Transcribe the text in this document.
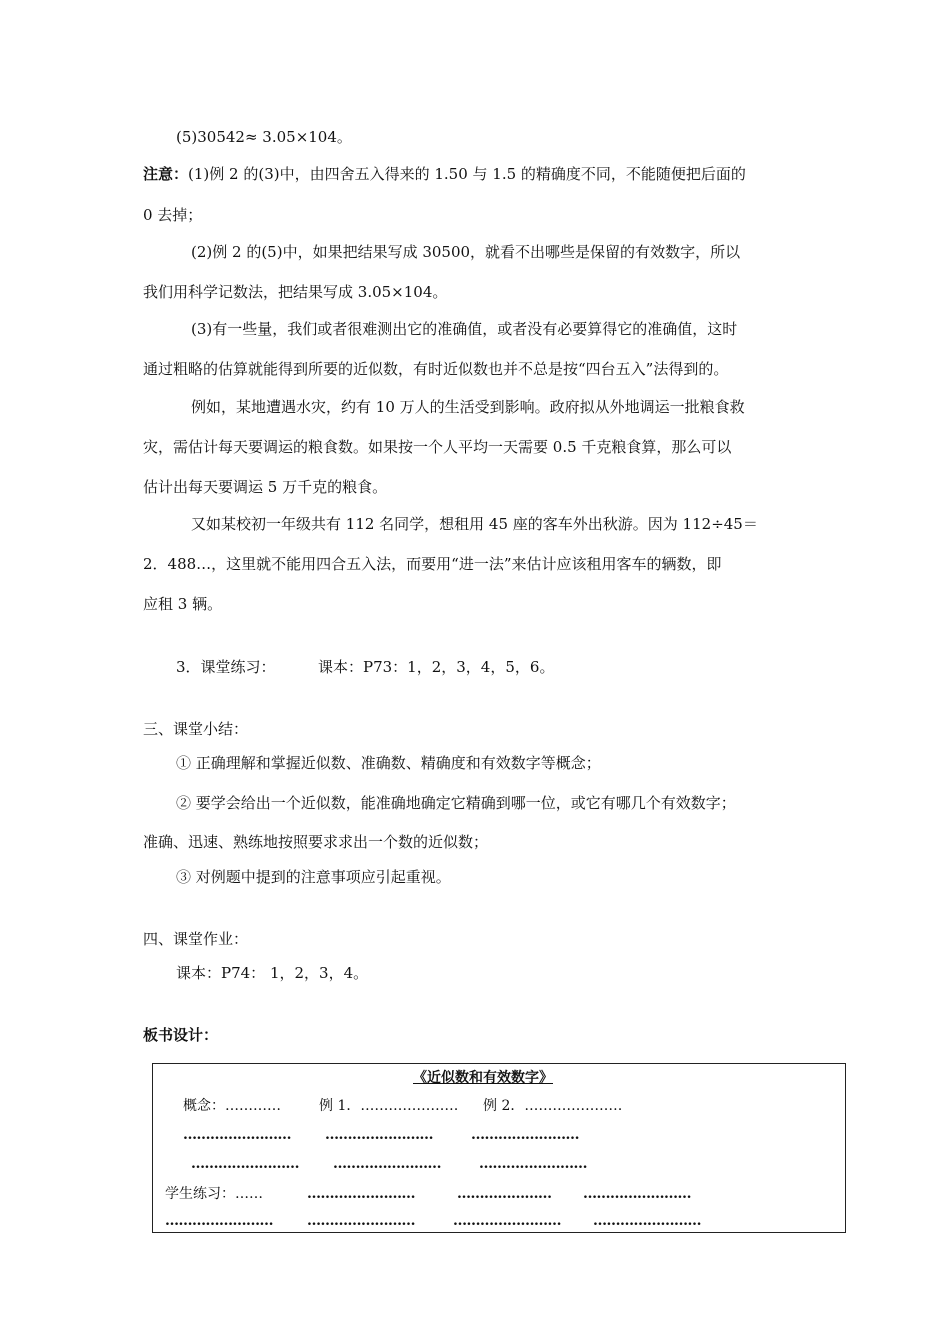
(5)30542≈ 3.05×104。
注意：(1)例 2 的(3)中，由四舍五入得来的 1.50 与 1.5 的精确度不同，不能随便把后面的
0 去掉；
(2)例 2 的(5)中，如果把结果写成 30500，就看不出哪些是保留的有效数字，所以
我们用科学记数法，把结果写成 3.05×104。
(3)有一些量，我们或者很难测出它的准确值，或者没有必要算得它的准确值，这时
通过粗略的估算就能得到所要的近似数，有时近似数也并不总是按“四台五入”法得到的。
例如，某地遭遇水灾，约有 10 万人的生活受到影响。政府拟从外地调运一批粮食救
灾，需估计每天要调运的粮食数。如果按一个人平均一天需要 0.5 千克粮食算，那么可以
估计出每天要调运 5 万千克的粮食。
又如某校初一年级共有 112 名同学，想租用 45 座的客车外出秋游。因为 112÷45＝
2．488…，这里就不能用四合五入法，而要用“进一法”来估计应该租用客车的辆数，即
应租 3 辆。
3．课堂练习：	课本：P73：1，2，3，4，5，6。
三、课堂小结：
① 正确理解和掌握近似数、准确数、精确度和有效数字等概念；
② 要学会给出一个近似数，能准确地确定它精确到哪一位，或它有哪几个有效数字；
准确、迅速、熟练地按照要求求出一个数的近似数；
③ 对例题中提到的注意事项应引起重视。
四、课堂作业：
课本：P74： 1，2，3，4。
板书设计：
《近似数和有效数字》
概念：…………	例 1．………………… 例 2．…………………
…………………… ……………………	……………………
…………………… ……………………	……………………
学生练习：……	……………………	………………… ……………………
…………………… ……………………	…………………… ……………………
